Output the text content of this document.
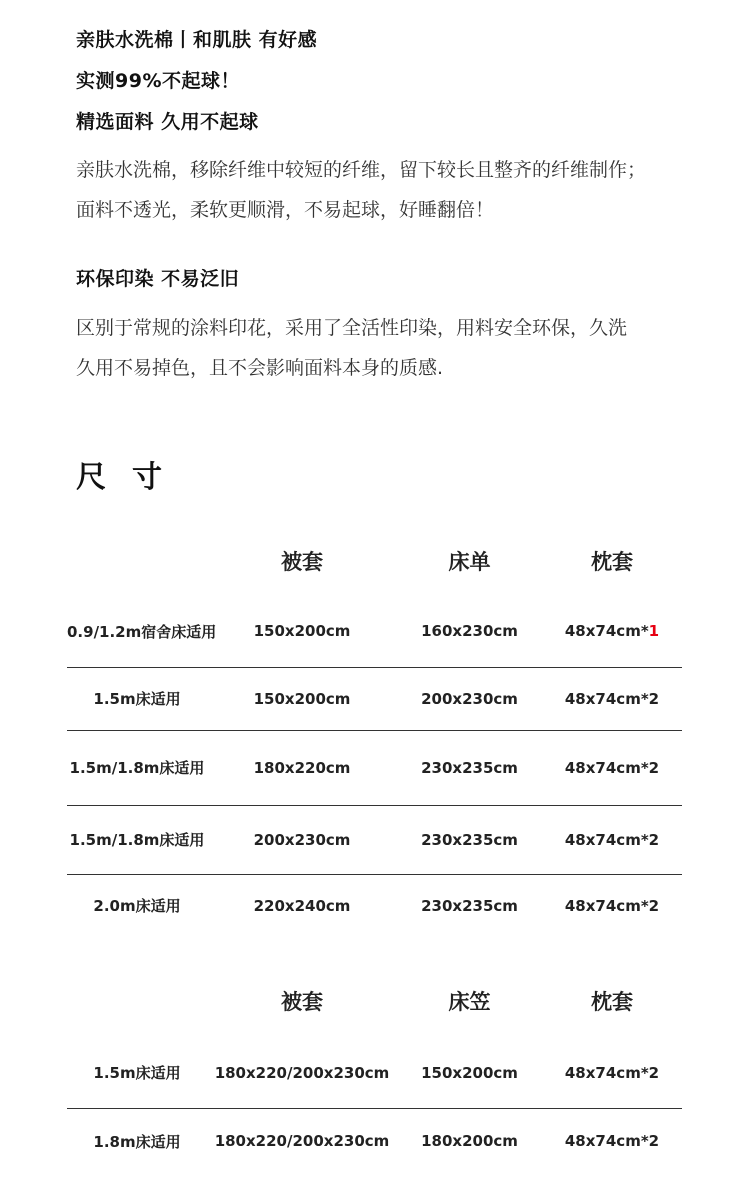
亲肤水洗棉丨和肌肤 有好感
实测99%不起球！
精选面料 久用不起球
亲肤水洗棉，移除纤维中较短的纤维，留下较长且整齐的纤维制作；
面料不透光，柔软更顺滑，不易起球，好睡翻倍！
环保印染 不易泛旧
区别于常规的涂料印花，采用了全活性印染，用料安全环保，久洗
久用不易掉色，且不会影响面料本身的质感.
尺寸
	被套	床单	枕套

0.9/1.2m宿舍床适用	150x200cm	160x230cm	48x74cm*1
1.5m床适用	150x200cm	200x230cm	48x74cm*2
1.5m/1.8m床适用	180x220cm	230x235cm	48x74cm*2
1.5m/1.8m床适用	200x230cm	230x235cm	48x74cm*2
2.0m床适用	220x240cm	230x235cm	48x74cm*2
	被套	床笠	枕套

1.5m床适用	180x220/200x230cm	150x200cm	48x74cm*2
1.8m床适用	180x220/200x230cm	180x200cm	48x74cm*2
